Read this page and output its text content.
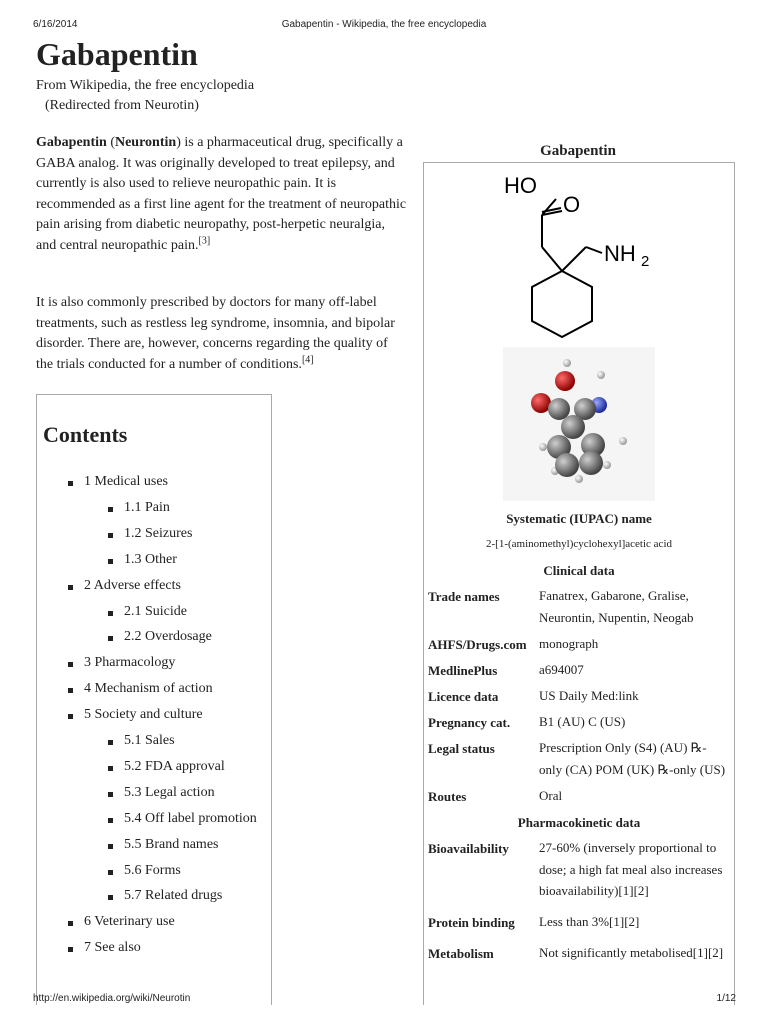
6/16/2014	Gabapentin - Wikipedia, the free encyclopedia
Gabapentin
From Wikipedia, the free encyclopedia
(Redirected from Neurotin)

Gabapentin (Neurontin) is a pharmaceutical drug, specifically a GABA analog. It was originally developed to treat epilepsy, and currently is also used to relieve neuropathic pain. It is recommended as a first line agent for the treatment of neuropathic pain arising from diabetic neuropathy, post-herpetic neuralgia, and central neuropathic pain.[3]

It is also commonly prescribed by doctors for many off-label treatments, such as restless leg syndrome, insomnia, and bipolar disorder. There are, however, concerns regarding the quality of the trials conducted for a number of conditions.[4]

Contents
1 Medical uses
1.1 Pain
1.2 Seizures
1.3 Other
2 Adverse effects
2.1 Suicide
2.2 Overdosage
3 Pharmacology
4 Mechanism of action
5 Society and culture
5.1 Sales
5.2 FDA approval
5.3 Legal action
5.4 Off label promotion
5.5 Brand names
5.6 Forms
5.7 Related drugs
6 Veterinary use
7 See also
Gabapentin
HO
O
NH 2
Systematic (IUPAC) name
2-[1-(aminomethyl)cyclohexyl]acetic acid
Clinical data
Trade names	Fanatrex, Gabarone, Gralise, Neurontin, Nupentin, Neogab
AHFS/Drugs.com monograph
MedlinePlus	a694007
Licence data	US Daily Med:link
Pregnancy cat. B1 (AU) C (US)
Legal status	Prescription Only (S4) (AU) ℞-only (CA) POM (UK) ℞-only (US)
Routes	Oral
Pharmacokinetic data
Bioavailability 27-60% (inversely proportional to dose; a high fat meal also increases bioavailability)[1][2]
Protein binding Less than 3%[1][2]
Metabolism	Not significantly metabolised[1][2]
http://en.wikipedia.org/wiki/Neurotin	1/12
